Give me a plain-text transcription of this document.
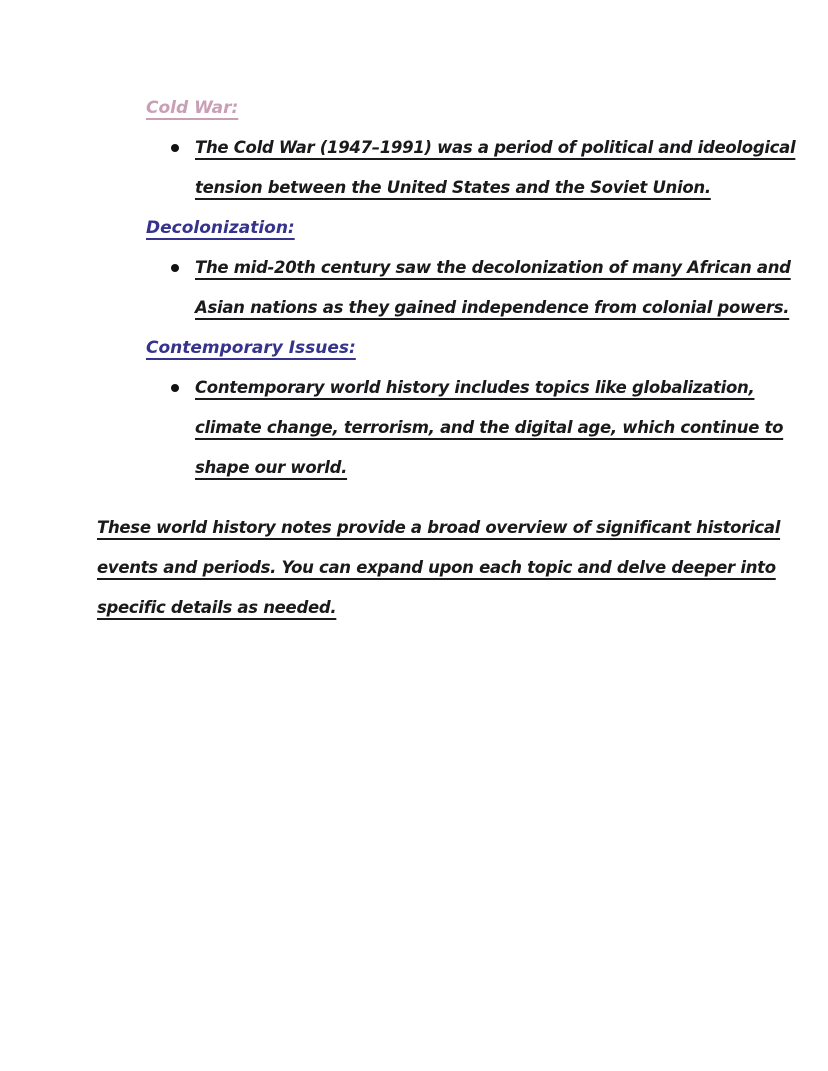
Cold War:
The Cold War (1947–1991) was a period of political and ideological
tension between the United States and the Soviet Union.
Decolonization:
The mid-20th century saw the decolonization of many African and
Asian nations as they gained independence from colonial powers.
Contemporary Issues:
Contemporary world history includes topics like globalization,
climate change, terrorism, and the digital age, which continue to
shape our world.
These world history notes provide a broad overview of significant historical
events and periods. You can expand upon each topic and delve deeper into
specific details as needed.
